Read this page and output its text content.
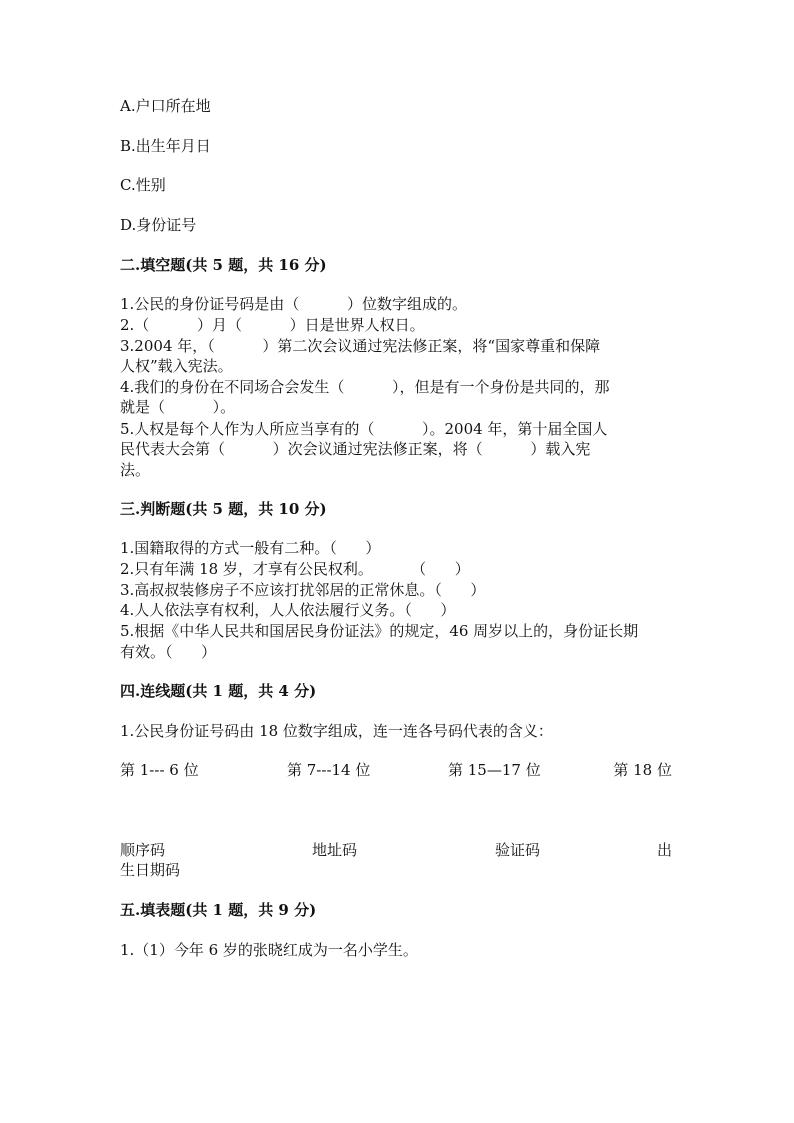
A.户口所在地
B.出生年月日
C.性别
D.身份证号
二.填空题(共 5 题，共 16 分)
1.公民的身份证号码是由（          ）位数字组成的。
2.（          ）月（          ）日是世界人权日。
3.2004 年，（          ）第二次会议通过宪法修正案，将“国家尊重和保障
人权”载入宪法。
4.我们的身份在不同场合会发生（          ），但是有一个身份是共同的，那
就是（          ）。
5.人权是每个人作为人所应当享有的（          ）。2004 年，第十届全国人
民代表大会第（          ）次会议通过宪法修正案，将（          ）载入宪
法。
三.判断题(共 5 题，共 10 分)
1.国籍取得的方式一般有二种。（      ）
2.只有年满 18 岁，才享有公民权利。        （      ）
3.高叔叔装修房子不应该打扰邻居的正常休息。（      ）
4.人人依法享有权利，人人依法履行义务。（      ）
5.根据《中华人民共和国居民身份证法》的规定，46 周岁以上的，身份证长期
有效。（      ）
四.连线题(共 1 题，共 4 分)
1.公民身份证号码由 18 位数字组成，连一连各号码代表的含义：
第 1--- 6 位	第 7---14 位	第 15—17 位	第 18 位
顺序码	地址码	验证码	出
生日期码
五.填表题(共 1 题，共 9 分)
1.（1）今年 6 岁的张晓红成为一名小学生。
